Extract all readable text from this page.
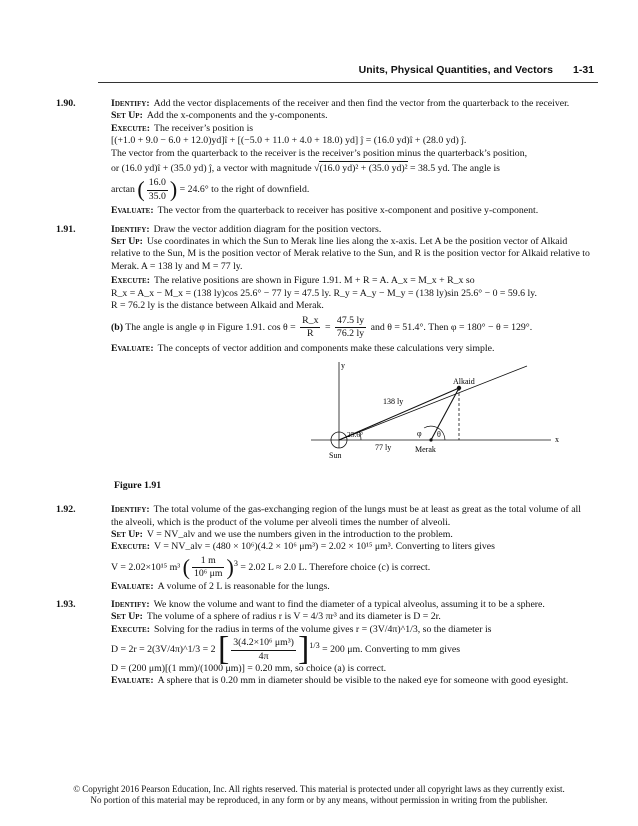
Units, Physical Quantities, and Vectors 1-31
1.90.	Identify: Add the vector displacements of the receiver and then find the vector from the quarterback to the receiver.

Set Up: Add the x-components and the y-components.

Execute: The receiver’s position is

[(+1.0 + 9.0 − 6.0 + 12.0)yd]î + [(−5.0 + 11.0 + 4.0 + 18.0) yd] ĵ = (16.0 yd)î + (28.0 yd) ĵ.

The vector from the quarterback to the receiver is the receiver’s position minus the quarterback’s position,

or (16.0 yd)î + (35.0 yd) ĵ, a vector with magnitude √(16.0 yd)² + (35.0 yd)² = 38.5 yd. The angle is

arctan ( $\frac{16.0}{35.0}$ ) = 24.6° to the right of downfield.

Evaluate: The vector from the quarterback to receiver has positive x-component and positive y-component.

1.91.	Identify: Draw the vector addition diagram for the position vectors.

Set Up: Use coordinates in which the Sun to Merak line lies along the x-axis. Let A be the position vector of Alkaid relative to the Sun, M is the position vector of Merak relative to the Sun, and R is the position vector for Alkaid relative to Merak. A = 138 ly and M = 77 ly.

Execute: The relative positions are shown in Figure 1.91. M + R = A. A_x = M_x + R_x so

R_x = A_x − M_x = (138 ly)cos 25.6° − 77 ly = 47.5 ly. R_y = A_y − M_y = (138 ly)sin 25.6° − 0 = 59.6 ly.

R = 76.2 ly is the distance between Alkaid and Merak.

(b) The angle is angle φ in Figure 1.91. $\cos \theta = \frac{R\_x}{R} = \frac{47.5 ly}{76.2 ly}$ and θ = 51.4°. Then φ = 180° − θ = 129°.

Evaluate: The concepts of vector addition and components make these calculations very simple.

y
x
138 ly
Alkaid
25.6°	φ θ
77 ly
Sun
Merak

Figure 1.91

1.92.	Identify: The total volume of the gas-exchanging region of the lungs must be at least as great as the total volume of all the alveoli, which is the product of the volume per alveoli times the number of alveoli.

Set Up: V = NV_alv and we use the numbers given in the introduction to the problem.

Execute: V = NV_alv = (480 × 10⁶)(4.2 × 10⁶ μm³) = 2.02 × 10¹⁵ μm³. Converting to liters gives

V = 2.02×10¹⁵ m³ ( $\frac{1 m}{\text{10⁶ μm}} )^3 = 2.02$ L ≈ 2.0 L. Therefore choice (c) is correct.

Evaluate: A volume of 2 L is reasonable for the lungs.

1.93.	Identify: We know the volume and want to find the diameter of a typical alveolus, assuming it to be a sphere.

Set Up: The volume of a sphere of radius r is V = 4/3 πr³ and its diameter is D = 2r.

Execute: Solving for the radius in terms of the volume gives r = (3V/4π)^1/3, so the diameter is

D = 2r = 2(3V/4π)^1/3 = 2 [ $\frac{\text{3(4.2×10⁶ μm³)}}{4\pi} ]^{1/3} = 200$ μm. Converting to mm gives

D = (200 μm)[(1 mm)/(1000 μm)] = 0.20 mm, so choice (a) is correct.

Evaluate: A sphere that is 0.20 mm in diameter should be visible to the naked eye for someone with good eyesight.

© Copyright 2016 Pearson Education, Inc. All rights reserved. This material is protected under all copyright laws as they currently exist.
No portion of this material may be reproduced, in any form or by any means, without permission in writing from the publisher.
